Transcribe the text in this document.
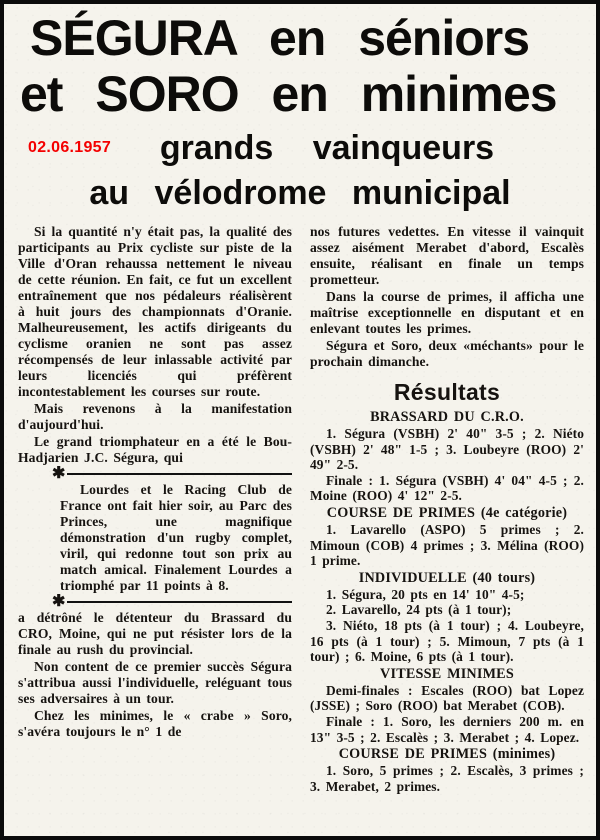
SÉGURA en séniors
et SORO en minimes
02.06.1957	grands vainqueurs
au vélodrome municipal

Si la quantité n'y était pas, la qualité des participants au Prix cycliste sur piste de la Ville d'Oran rehaussa nettement le niveau de cette réunion. En fait, ce fut un excellent entraînement que nos pédaleurs réalisèrent à huit jours des championnats d'Oranie. Malheureusement, les actifs dirigeants du cyclisme oranien ne sont pas assez récompensés de leur inlassable activité par leurs licenciés qui préfèrent incontestablement les courses sur route.

Mais revenons à la manifestation d'aujourd'hui.

Le grand triomphateur en a été le Bou-Hadjarien J.C. Ségura, qui

✱

Lourdes et le Racing Club de France ont fait hier soir, au Parc des Princes, une magnifique démonstration d'un rugby complet, viril, qui redonne tout son prix au match amical. Finalement Lourdes a triomphé par 11 points à 8.

✱

a détrôné le détenteur du Brassard du CRO, Moine, qui ne put résister lors de la finale au rush du provincial.

Non content de ce premier succès Ségura s'attribua aussi l'individuelle, reléguant tous ses adversaires à un tour.

Chez les minimes, le « crabe » Soro, s'avéra toujours le n° 1 de

nos futures vedettes. En vitesse il vainquit assez aisément Merabet d'abord, Escalès ensuite, réalisant en finale un temps prometteur.

Dans la course de primes, il afficha une maîtrise exceptionnelle en disputant et en enlevant toutes les primes.

Ségura et Soro, deux «méchants» pour le prochain dimanche.

Résultats
BRASSARD DU C.R.O.

1. Ségura (VSBH) 2' 40" 3-5 ; 2. Niéto (VSBH) 2' 48" 1-5 ; 3. Loubeyre (ROO) 2' 49" 2-5.

Finale : 1. Ségura (VSBH) 4' 04" 4-5 ; 2. Moine (ROO) 4' 12" 2-5.

COURSE DE PRIMES (4e catégorie)

1. Lavarello (ASPO) 5 primes ; 2. Mimoun (COB) 4 primes ; 3. Mélina (ROO) 1 prime.

INDIVIDUELLE (40 tours)

1. Ségura, 20 pts en 14' 10" 4-5;

2. Lavarello, 24 pts (à 1 tour);

3. Niéto, 18 pts (à 1 tour) ; 4. Loubeyre, 16 pts (à 1 tour) ; 5. Mimoun, 7 pts (à 1 tour) ; 6. Moine, 6 pts (à 1 tour).

VITESSE MINIMES

Demi-finales : Escales (ROO) bat Lopez (JSSE) ; Soro (ROO) bat Merabet (COB).

Finale : 1. Soro, les derniers 200 m. en 13" 3-5 ; 2. Escalès ; 3. Merabet ; 4. Lopez.

COURSE DE PRIMES (minimes)

1. Soro, 5 primes ; 2. Escalès, 3 primes ; 3. Merabet, 2 primes.
